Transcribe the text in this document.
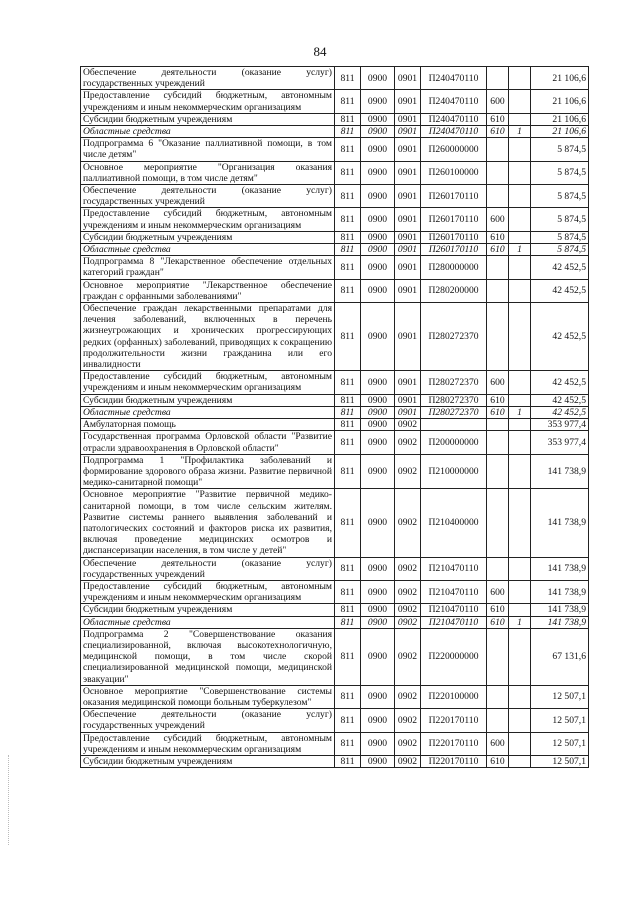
84
Обеспечение деятельности (оказание услуг) государственных учреждений	811	0900	0901	П240470110			21 106,6
Предоставление субсидий бюджетным, автономным учреждениям и иным некоммерческим организациям	811	0900	0901	П240470110	600		21 106,6
Субсидии бюджетным учреждениям	811	0900	0901	П240470110	610		21 106,6
Областные средства	811	0900	0901	П240470110	610	1	21 106,6
Подпрограмма 6 "Оказание паллиативной помощи, в том числе детям"	811	0900	0901	П260000000			5 874,5
Основное мероприятие "Организация оказания паллиативной помощи, в том числе детям"	811	0900	0901	П260100000			5 874,5
Обеспечение деятельности (оказание услуг) государственных учреждений	811	0900	0901	П260170110			5 874,5
Предоставление субсидий бюджетным, автономным учреждениям и иным некоммерческим организациям	811	0900	0901	П260170110	600		5 874,5
Субсидии бюджетным учреждениям	811	0900	0901	П260170110	610		5 874,5
Областные средства	811	0900	0901	П260170110	610	1	5 874,5
Подпрограмма 8 "Лекарственное обеспечение отдельных категорий граждан"	811	0900	0901	П280000000			42 452,5
Основное мероприятие "Лекарственное обеспечение граждан с орфанными заболеваниями"	811	0900	0901	П280200000			42 452,5
Обеспечение граждан лекарственными препаратами для лечения заболеваний, включенных в перечень жизнеугрожающих и хронических прогрессирующих редких (орфанных) заболеваний, приводящих к сокращению продолжительности жизни гражданина или его инвалидности	811	0900	0901	П280272370			42 452,5
Предоставление субсидий бюджетным, автономным учреждениям и иным некоммерческим организациям	811	0900	0901	П280272370	600		42 452,5
Субсидии бюджетным учреждениям	811	0900	0901	П280272370	610		42 452,5
Областные средства	811	0900	0901	П280272370	610	1	42 452,5
Амбулаторная помощь	811	0900	0902				353 977,4
Государственная программа Орловской области "Развитие отрасли здравоохранения в Орловской области"	811	0900	0902	П200000000			353 977,4
Подпрограмма 1 "Профилактика заболеваний и формирование здорового образа жизни. Развитие первичной медико-санитарной помощи"	811	0900	0902	П210000000			141 738,9
Основное мероприятие "Развитие первичной медико-санитарной помощи, в том числе сельским жителям. Развитие системы раннего выявления заболеваний и патологических состояний и факторов риска их развития, включая проведение медицинских осмотров и диспансеризации населения, в том числе у детей"	811	0900	0902	П210400000			141 738,9
Обеспечение деятельности (оказание услуг) государственных учреждений	811	0900	0902	П210470110			141 738,9
Предоставление субсидий бюджетным, автономным учреждениям и иным некоммерческим организациям	811	0900	0902	П210470110	600		141 738,9
Субсидии бюджетным учреждениям	811	0900	0902	П210470110	610		141 738,9
Областные средства	811	0900	0902	П210470110	610	1	141 738,9
Подпрограмма 2 "Совершенствование оказания специализированной, включая высокотехнологичную, медицинской помощи, в том числе скорой специализированной медицинской помощи, медицинской эвакуации"	811	0900	0902	П220000000			67 131,6
Основное мероприятие "Совершенствование системы оказания медицинской помощи больным туберкулезом"	811	0900	0902	П220100000			12 507,1
Обеспечение деятельности (оказание услуг) государственных учреждений	811	0900	0902	П220170110			12 507,1
Предоставление субсидий бюджетным, автономным учреждениям и иным некоммерческим организациям	811	0900	0902	П220170110	600		12 507,1
Субсидии бюджетным учреждениям	811	0900	0902	П220170110	610		12 507,1
